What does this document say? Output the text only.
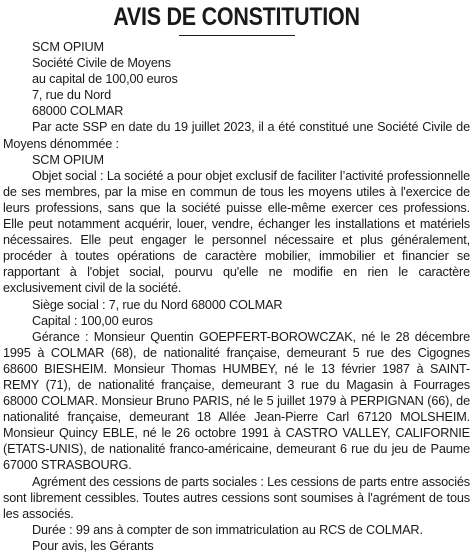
AVIS DE CONSTITUTION

SCM OPIUM

Société Civile de Moyens

au capital de 100,00 euros

7, rue du Nord

68000 COLMAR

Par acte SSP en date du 19 juillet 2023, il a été constitué une Société Civile de Moyens dénommée :

SCM OPIUM

Objet social : La société a pour objet exclusif de faciliter l’activité professionnelle de ses membres, par la mise en commun de tous les moyens utiles à l'exercice de leurs professions, sans que la société puisse elle-même exercer ces professions. Elle peut notamment acquérir, louer, vendre, échanger les installations et matériels nécessaires. Elle peut engager le personnel nécessaire et plus généralement, procéder à toutes opérations de caractère mobilier, immobilier et financier se rapportant à l'objet social, pourvu qu'elle ne modifie en rien le caractère exclusivement civil de la société.

Siège social : 7, rue du Nord 68000 COLMAR

Capital : 100,00 euros

Gérance : Monsieur Quentin GOEPFERT-BOROWCZAK, né le 28 décembre 1995 à COLMAR (68), de nationalité française, demeurant 5 rue des Cigognes 68600 BIESHEIM. Monsieur Thomas HUMBEY, né le 13 février 1987 à SAINT-REMY (71), de nationalité française, demeurant 3 rue du Magasin à Fourrages 68000 COLMAR. Monsieur Bruno PARIS, né le 5 juillet 1979 à PERPIGNAN (66), de nationalité française, demeurant 18 Allée Jean-Pierre Carl 67120 MOLSHEIM. Monsieur Quincy EBLE, né le 26 octobre 1991 à CASTRO VALLEY, CALIFORNIE (ETATS-UNIS), de nationalité franco-américaine, demeurant 6 rue du jeu de Paume 67000 STRASBOURG.

Agrément des cessions de parts sociales : Les cessions de parts entre associés sont librement cessibles. Toutes autres cessions sont soumises à l'agrément de tous les associés.

Durée : 99 ans à compter de son immatriculation au RCS de COLMAR.

Pour avis, les Gérants
